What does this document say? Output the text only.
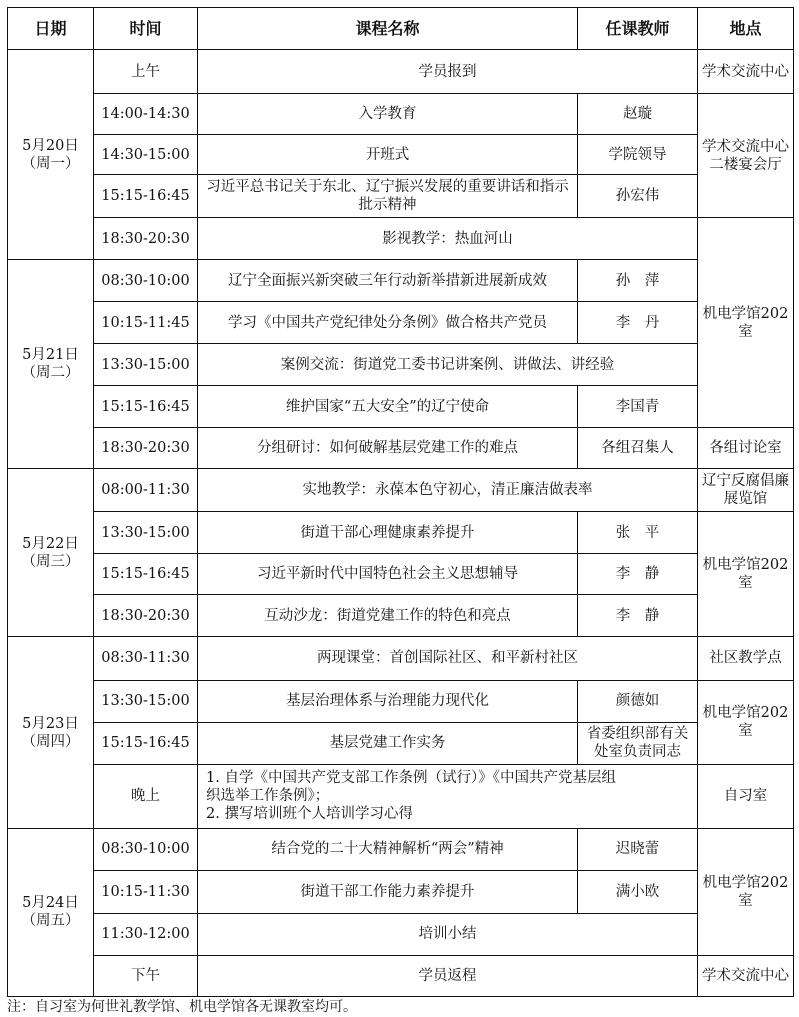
日期	时间	课程名称	任课教师	地点

5月20日
（周一）	上午	学员报到		学术交流中心
	14:00-14:30	入学教育	赵璇	学术交流中心二楼宴会厅
	14:30-15:00	开班式	学院领导	
	15:15-16:45	习近平总书记关于东北、辽宁振兴发展的重要讲话和指示批示精神	孙宏伟	
	18:30-20:30	影视教学：热血河山		机电学馆202室

5月21日
（周二）	08:30-10:00	辽宁全面振兴新突破三年行动新举措新进展新成效	孙　萍	
	10:15-11:45	学习《中国共产党纪律处分条例》做合格共产党员	李　丹	
	13:30-15:00	案例交流：街道党工委书记讲案例、讲做法、讲经验		
	15:15-16:45	维护国家“五大安全”的辽宁使命	李国青	
	18:30-20:30	分组研讨：如何破解基层党建工作的难点	各组召集人	各组讨论室

5月22日
（周三）	08:00-11:30	实地教学：永葆本色守初心，清正廉洁做表率		辽宁反腐倡廉展览馆
	13:30-15:00	街道干部心理健康素养提升	张　平	机电学馆202室
	15:15-16:45	习近平新时代中国特色社会主义思想辅导	李　静	
	18:30-20:30	互动沙龙：街道党建工作的特色和亮点	李　静	

5月23日
（周四）	08:30-11:30	两现课堂：首创国际社区、和平新村社区		社区教学点
	13:30-15:00	基层治理体系与治理能力现代化	颜德如	机电学馆202室
	15:15-16:45	基层党建工作实务	省委组织部有关处室负责同志	
	晚上	1. 自学《中国共产党支部工作条例（试行）》《中国共产党基层组
织选举工作条例》；
2. 撰写培训班个人培训学习心得		自习室

5月24日
（周五）	08:30-10:00	结合党的二十大精神解析“两会”精神	迟晓蕾	机电学馆202室
	10:15-11:30	街道干部工作能力素养提升	满小欧	
	11:30-12:00	培训小结		
	下午	学员返程		学术交流中心
注：自习室为何世礼教学馆、机电学馆各无课教室均可。
